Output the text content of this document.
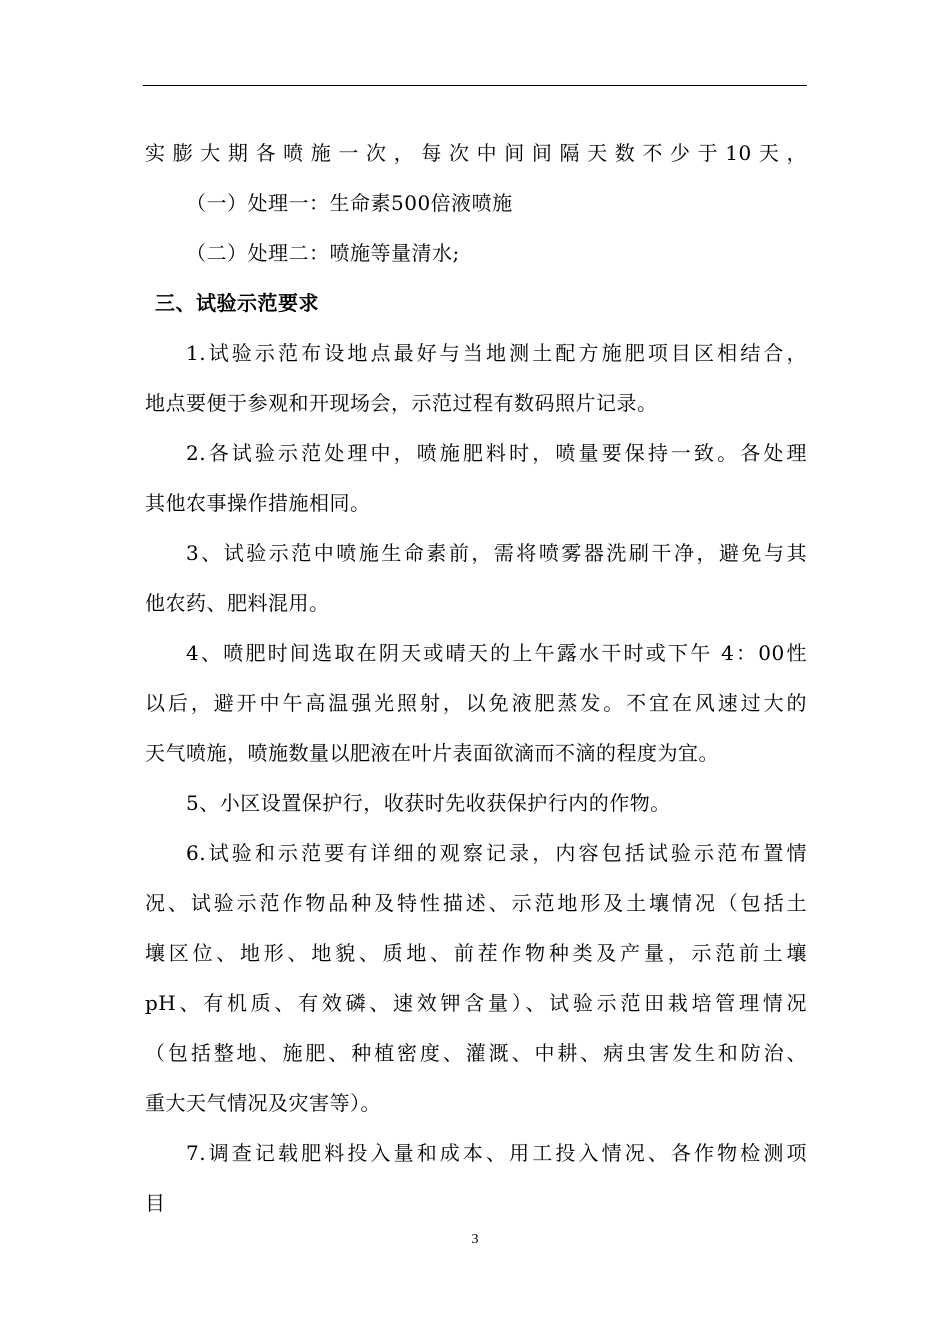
实膨大期各喷施一次，每次中间间隔天数不少于10天，
（一）处理一：生命素500倍液喷施
（二）处理二：喷施等量清水;
三、试验示范要求
1.试验示范布设地点最好与当地测土配方施肥项目区相结合，
地点要便于参观和开现场会，示范过程有数码照片记录。
2.各试验示范处理中，喷施肥料时，喷量要保持一致。各处理
其他农事操作措施相同。
3、试验示范中喷施生命素前，需将喷雾器洗刷干净，避免与其
他农药、肥料混用。
4、喷肥时间选取在阴天或晴天的上午露水干时或下午 4：00性
以后，避开中午高温强光照射，以免液肥蒸发。不宜在风速过大的
天气喷施，喷施数量以肥液在叶片表面欲滴而不滴的程度为宜。
5、小区设置保护行，收获时先收获保护行内的作物。
6.试验和示范要有详细的观察记录，内容包括试验示范布置情
况、试验示范作物品种及特性描述、示范地形及土壤情况（包括土
壤区位、地形、地貌、质地、前茬作物种类及产量，示范前土壤
pH、有机质、有效磷、速效钾含量）、试验示范田栽培管理情况
（包括整地、施肥、种植密度、灌溉、中耕、病虫害发生和防治、
重大天气情况及灾害等）。
7.调查记载肥料投入量和成本、用工投入情况、各作物检测项
目
3
